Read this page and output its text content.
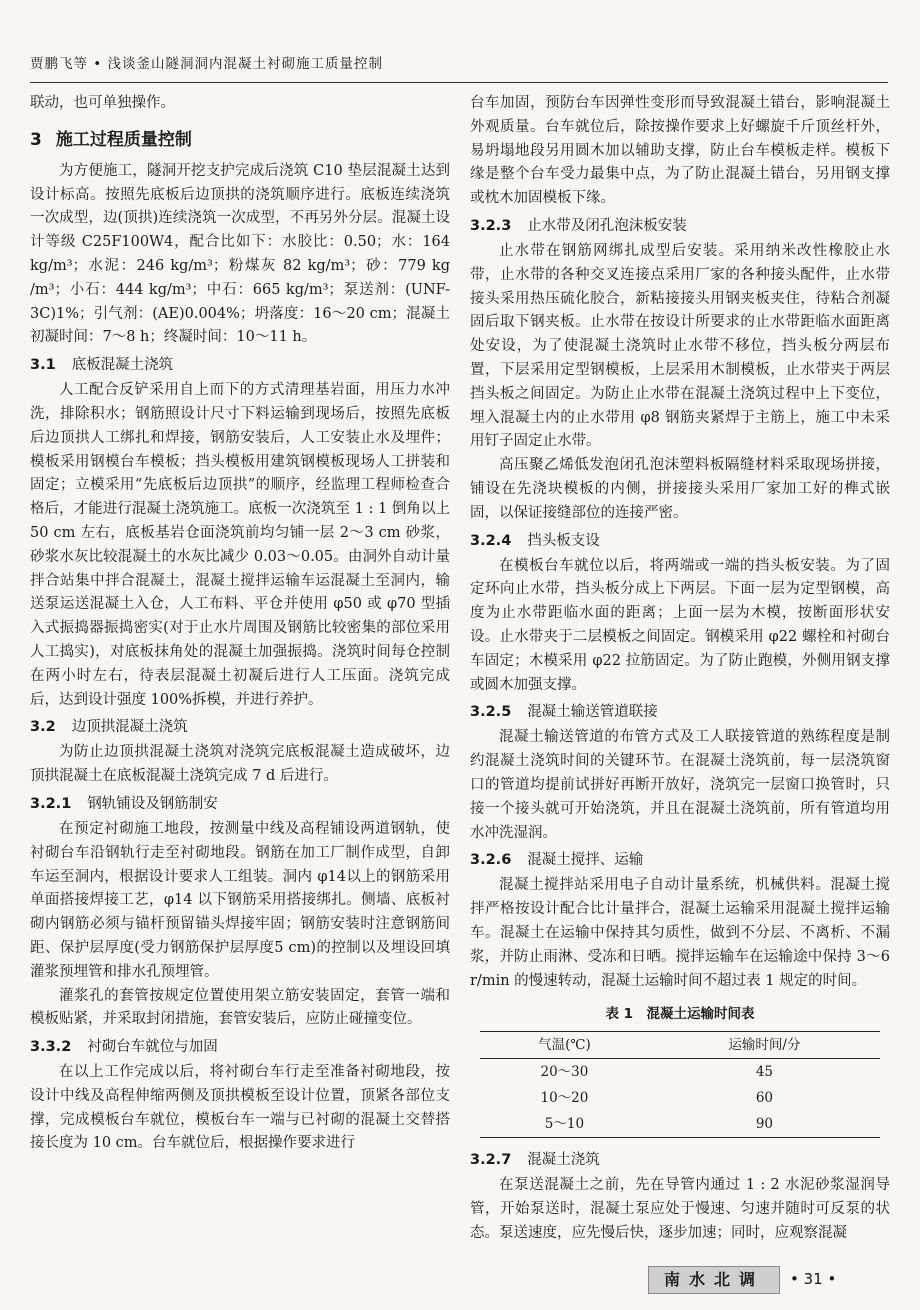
贾鹏飞等 • 浅谈釜山隧洞洞内混凝土衬砌施工质量控制

联动，也可单独操作。

3 施工过程质量控制

为方便施工，隧洞开挖支护完成后浇筑 C10 垫层混凝土达到设计标高。按照先底板后边顶拱的浇筑顺序进行。底板连续浇筑一次成型，边(顶拱)连续浇筑一次成型，不再另外分层。混凝土设计等级 C25F100W4，配合比如下：水胶比：0.50；水：164 kg/m³；水泥：246 kg/m³；粉煤灰 82 kg/m³；砂：779 kg /m³；小石：444 kg/m³；中石：665 kg/m³；泵送剂：(UNF-3C)1%；引气剂：(AE)0.004%；坍落度：16～20 cm；混凝土初凝时间：7～8 h；终凝时间：10～11 h。

3.1 底板混凝土浇筑

人工配合反铲采用自上而下的方式清理基岩面，用压力水冲洗，排除积水；钢筋照设计尺寸下料运输到现场后，按照先底板后边顶拱人工绑扎和焊接，钢筋安装后，人工安装止水及埋件；模板采用钢模台车模板；挡头模板用建筑钢模板现场人工拼装和固定；立模采用“先底板后边顶拱”的顺序，经监理工程师检查合格后，才能进行混凝土浇筑施工。底板一次浇筑至 1 : 1 倒角以上 50 cm 左右，底板基岩仓面浇筑前均匀铺一层 2～3 cm 砂浆，砂浆水灰比较混凝土的水灰比减少 0.03～0.05。由洞外自动计量拌合站集中拌合混凝土，混凝土搅拌运输车运混凝土至洞内，输送泵运送混凝土入仓，人工布料、平仓并使用 φ50 或 φ70 型插入式振捣器振捣密实(对于止水片周围及钢筋比较密集的部位采用人工捣实)，对底板抹角处的混凝土加强振捣。浇筑时间每仓控制在两小时左右，待表层混凝土初凝后进行人工压面。浇筑完成后，达到设计强度 100%拆模，并进行养护。

3.2 边顶拱混凝土浇筑

为防止边顶拱混凝土浇筑对浇筑完底板混凝土造成破坏，边顶拱混凝土在底板混凝土浇筑完成 7 d 后进行。

3.2.1 钢轨铺设及钢筋制安

在预定衬砌施工地段，按测量中线及高程铺设两道钢轨，使衬砌台车沿钢轨行走至衬砌地段。钢筋在加工厂制作成型，自卸车运至洞内，根据设计要求人工组装。洞内 φ14以上的钢筋采用单面搭接焊接工艺，φ14 以下钢筋采用搭接绑扎。侧墙、底板衬砌内钢筋必须与锚杆预留锚头焊接牢固；钢筋安装时注意钢筋间距、保护层厚度(受力钢筋保护层厚度5 cm)的控制以及埋设回填灌浆预埋管和排水孔预埋管。

灌浆孔的套管按规定位置使用架立筋安装固定，套管一端和模板贴紧，并采取封闭措施，套管安装后，应防止碰撞变位。

3.3.2 衬砌台车就位与加固

在以上工作完成以后，将衬砌台车行走至准备衬砌地段，按设计中线及高程伸缩两侧及顶拱模板至设计位置，顶紧各部位支撑，完成模板台车就位，模板台车一端与已衬砌的混凝土交替搭接长度为 10 cm。台车就位后，根据操作要求进行

台车加固，预防台车因弹性变形而导致混凝土错台，影响混凝土外观质量。台车就位后，除按操作要求上好螺旋千斤顶丝杆外，易坍塌地段另用圆木加以辅助支撑，防止台车模板走样。模板下缘是整个台车受力最集中点，为了防止混凝土错台，另用钢支撑或枕木加固模板下缘。

3.2.3 止水带及闭孔泡沫板安装

止水带在钢筋网绑扎成型后安装。采用纳米改性橡胶止水带，止水带的各种交叉连接点采用厂家的各种接头配件，止水带接头采用热压硫化胶合，新粘接接头用钢夹板夹住，待粘合剂凝固后取下钢夹板。止水带在按设计所要求的止水带距临水面距离处安设，为了使混凝土浇筑时止水带不移位，挡头板分两层布置，下层采用定型钢模板，上层采用木制模板，止水带夹于两层挡头板之间固定。为防止止水带在混凝土浇筑过程中上下变位，埋入混凝土内的止水带用 φ8 钢筋夹紧焊于主筋上，施工中未采用钉子固定止水带。

高压聚乙烯低发泡闭孔泡沫塑料板隔缝材料采取现场拼接，铺设在先浇块模板的内侧，拼接接头采用厂家加工好的榫式嵌固，以保证接缝部位的连接严密。

3.2.4 挡头板支设

在模板台车就位以后，将两端或一端的挡头板安装。为了固定环向止水带，挡头板分成上下两层。下面一层为定型钢模，高度为止水带距临水面的距离；上面一层为木模，按断面形状安设。止水带夹于二层模板之间固定。钢模采用 φ22 螺栓和衬砌台车固定；木模采用 φ22 拉筋固定。为了防止跑模，外侧用钢支撑或圆木加强支撑。

3.2.5 混凝土输送管道联接

混凝土输送管道的布管方式及工人联接管道的熟练程度是制约混凝土浇筑时间的关键环节。在混凝土浇筑前，每一层浇筑窗口的管道均提前试拼好再断开放好，浇筑完一层窗口换管时，只接一个接头就可开始浇筑，并且在混凝土浇筑前，所有管道均用水冲洗湿润。

3.2.6 混凝土搅拌、运输

混凝土搅拌站采用电子自动计量系统，机械供料。混凝土搅拌严格按设计配合比计量拌合，混凝土运输采用混凝土搅拌运输车。混凝土在运输中保持其匀质性，做到不分层、不离析、不漏浆，并防止雨淋、受冻和日晒。搅拌运输车在运输途中保持 3～6 r/min 的慢速转动，混凝土运输时间不超过表 1 规定的时间。

表 1　混凝土运输时间表
气温(℃)	运输时间/分
20～30	45
10～20	60
5～10	90
3.2.7 混凝土浇筑

在泵送混凝土之前，先在导管内通过 1 : 2 水泥砂浆湿润导管，开始泵送时，混凝土泵应处于慢速、匀速并随时可反泵的状态。泵送速度，应先慢后快，逐步加速；同时，应观察混凝

南水北调	• 31 •
